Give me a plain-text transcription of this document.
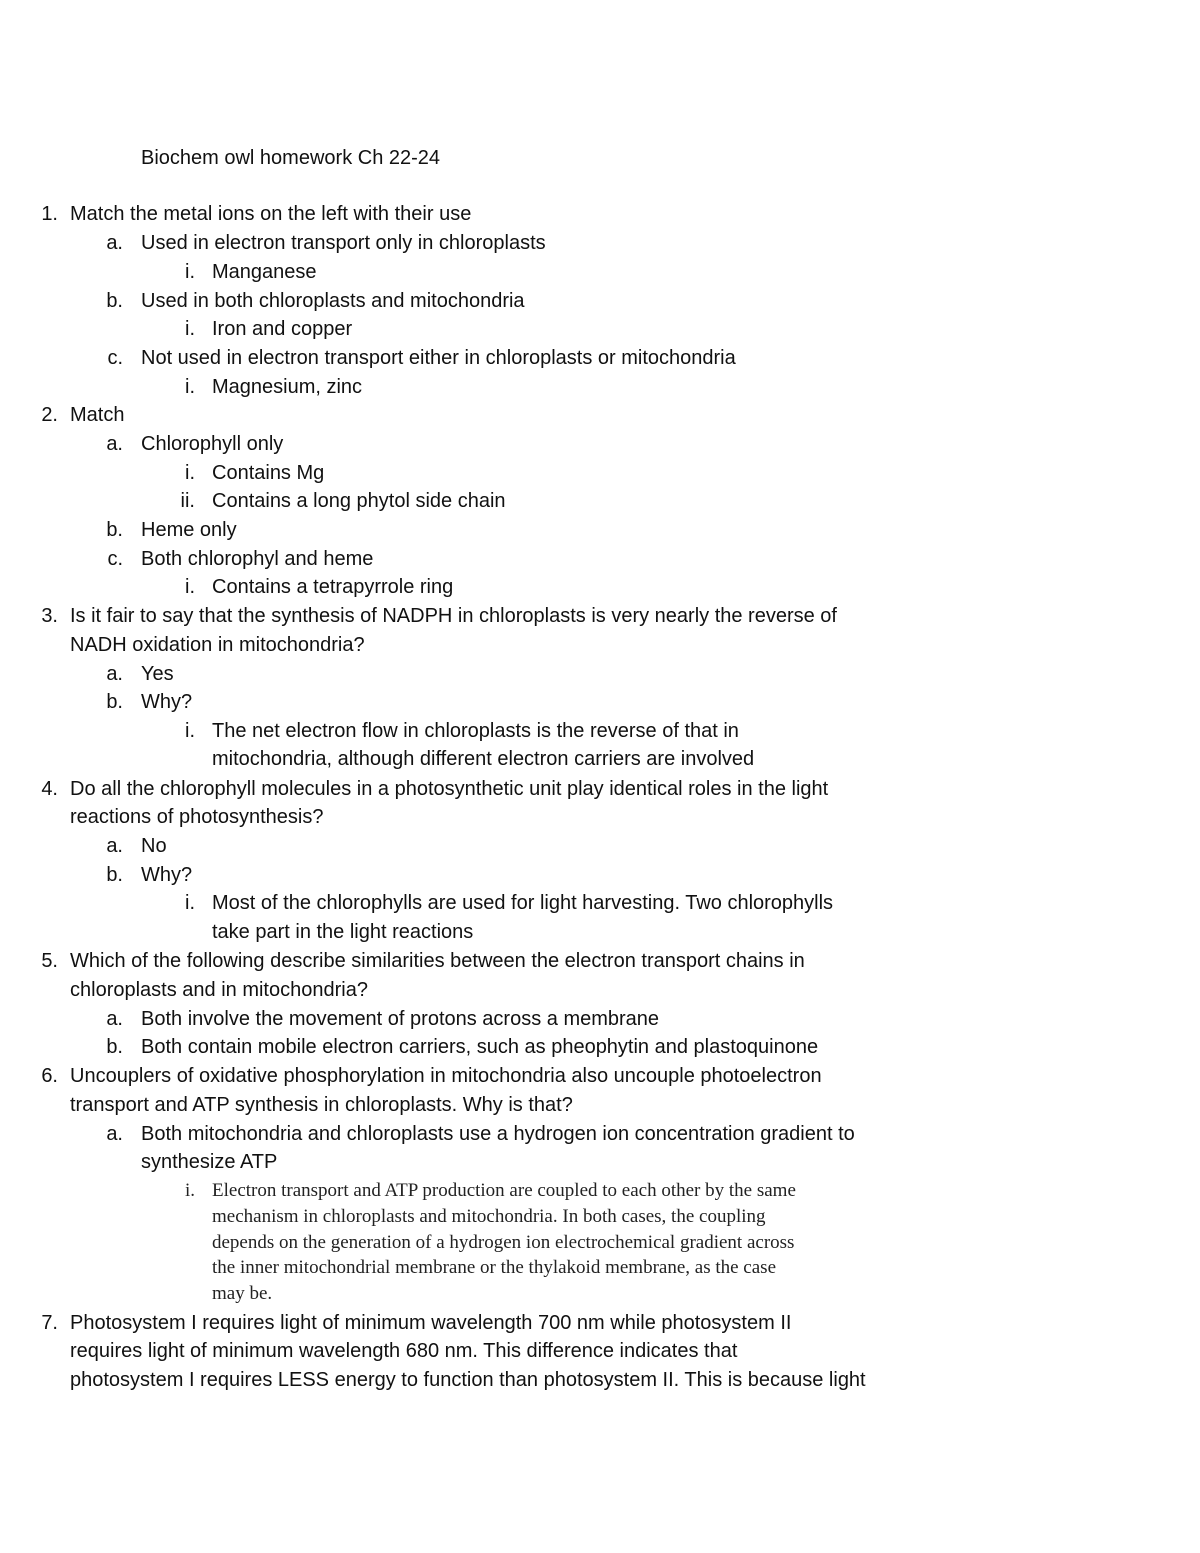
Biochem owl homework Ch 22-24
1. Match the metal ions on the left with their use
a. Used in electron transport only in chloroplasts
i. Manganese
b. Used in both chloroplasts and mitochondria
i. Iron and copper
c. Not used in electron transport either in chloroplasts or mitochondria
i. Magnesium, zinc
2. Match
a. Chlorophyll only
i. Contains Mg
ii. Contains a long phytol side chain
b. Heme only
c. Both chlorophyl and heme
i. Contains a tetrapyrrole ring
3. Is it fair to say that the synthesis of NADPH in chloroplasts is very nearly the reverse of
NADH oxidation in mitochondria?
a. Yes
b. Why?
i. The net electron flow in chloroplasts is the reverse of that in
mitochondria, although different electron carriers are involved
4. Do all the chlorophyll molecules in a photosynthetic unit play identical roles in the light
reactions of photosynthesis?
a. No
b. Why?
i. Most of the chlorophylls are used for light harvesting. Two chlorophylls
take part in the light reactions
5. Which of the following describe similarities between the electron transport chains in
chloroplasts and in mitochondria?
a. Both involve the movement of protons across a membrane
b. Both contain mobile electron carriers, such as pheophytin and plastoquinone
6. Uncouplers of oxidative phosphorylation in mitochondria also uncouple photoelectron
transport and ATP synthesis in chloroplasts. Why is that?
a. Both mitochondria and chloroplasts use a hydrogen ion concentration gradient to
synthesize ATP
i. Electron transport and ATP production are coupled to each other by the same
mechanism in chloroplasts and mitochondria. In both cases, the coupling
depends on the generation of a hydrogen ion electrochemical gradient across
the inner mitochondrial membrane or the thylakoid membrane, as the case
may be.
7. Photosystem I requires light of minimum wavelength 700 nm while photosystem II
requires light of minimum wavelength 680 nm. This difference indicates that
photosystem I requires LESS energy to function than photosystem II. This is because light
